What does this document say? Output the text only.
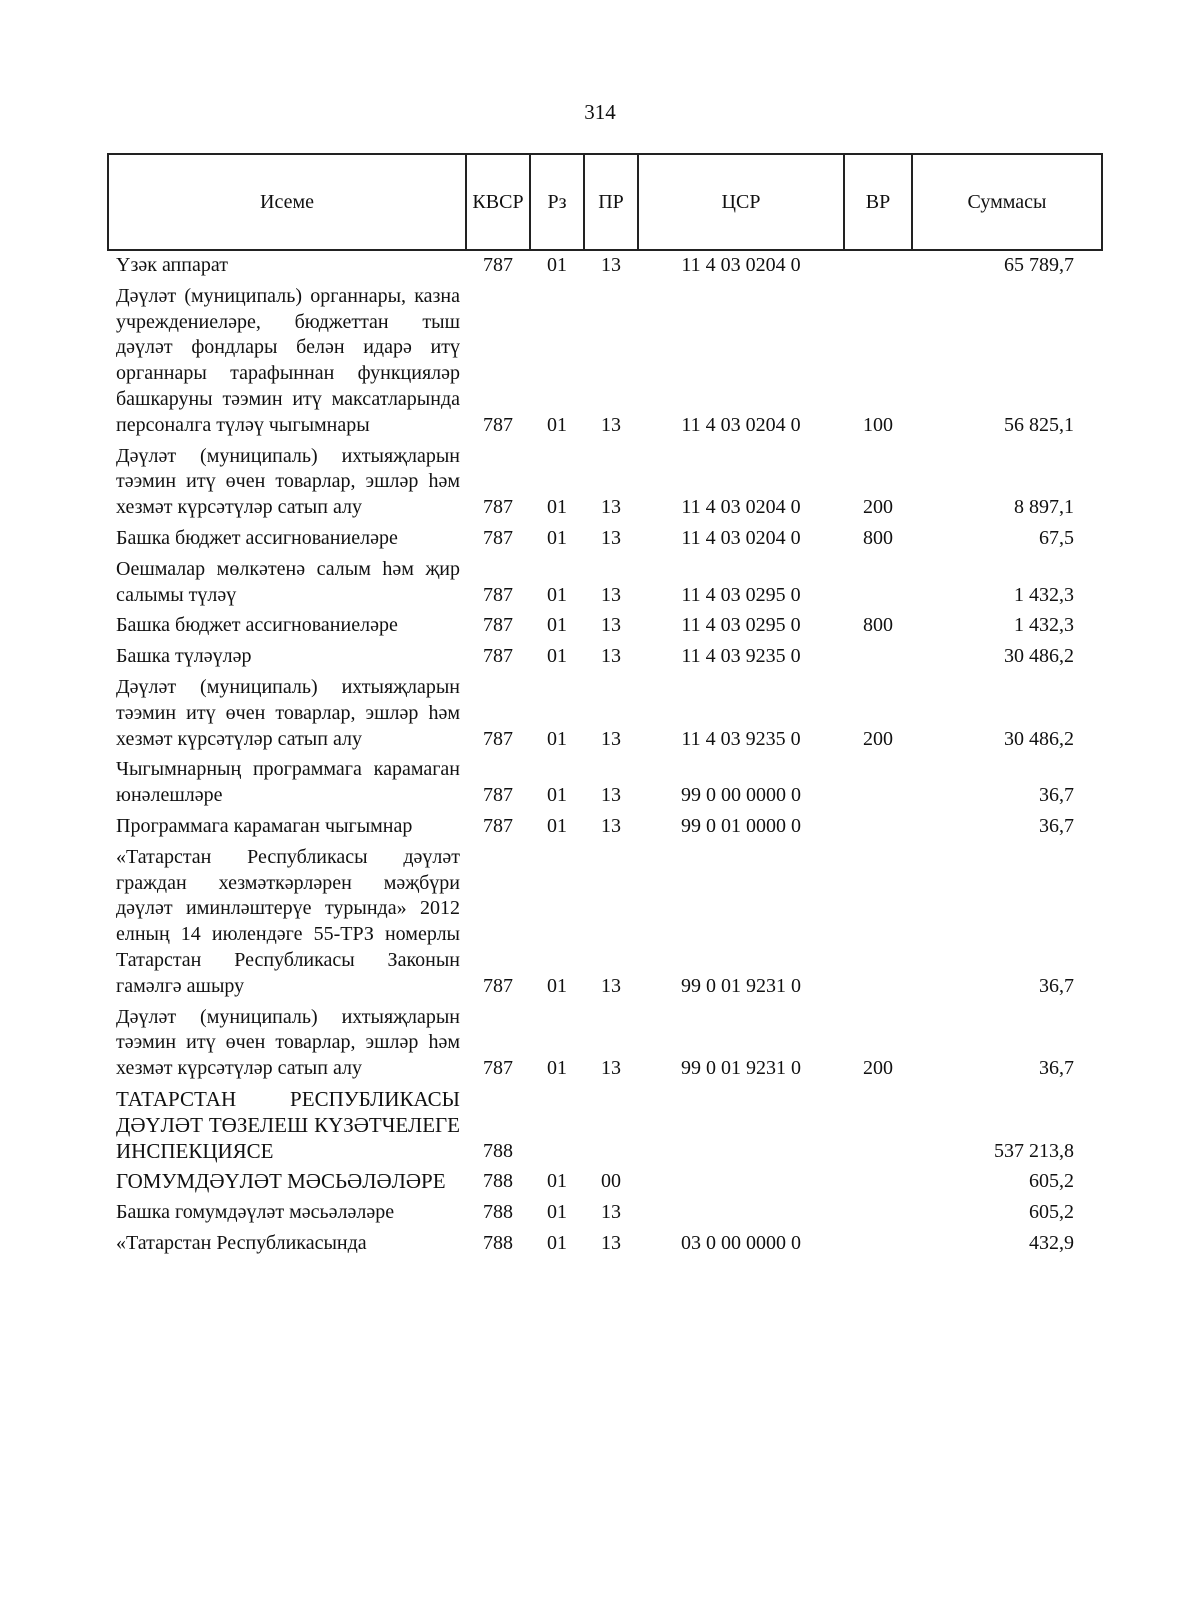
314
Исеме	КВСР	Рз	ПР	ЦСР	ВР	Суммасы
Үзәк аппарат	787	01	13	11 4 03 0204 0		65 789,7
Дәүләт (муниципаль) органнары, казна учреждениеләре, бюджеттан тыш дәүләт фондлары белән идарә итү органнары тарафыннан функцияләр башкаруны тәэмин итү максатларында персоналга түләү чыгымнары	787	01	13	11 4 03 0204 0	100	56 825,1
Дәүләт (муниципаль) ихтыяҗларын тәэмин итү өчен товарлар, эшләр һәм хезмәт күрсәтүләр сатып алу	787	01	13	11 4 03 0204 0	200	8 897,1
Башка бюджет ассигнованиеләре	787	01	13	11 4 03 0204 0	800	67,5
Оешмалар мөлкәтенә салым һәм җир салымы түләү	787	01	13	11 4 03 0295 0		1 432,3
Башка бюджет ассигнованиеләре	787	01	13	11 4 03 0295 0	800	1 432,3
Башка түләүләр	787	01	13	11 4 03 9235 0		30 486,2
Дәүләт (муниципаль) ихтыяҗларын тәэмин итү өчен товарлар, эшләр һәм хезмәт күрсәтүләр сатып алу	787	01	13	11 4 03 9235 0	200	30 486,2
Чыгымнарның программага карамаган юнәлешләре	787	01	13	99 0 00 0000 0		36,7
Программага карамаган чыгымнар	787	01	13	99 0 01 0000 0		36,7
«Татарстан Республикасы дәүләт граждан хезмәткәрләрен мәҗбүри дәүләт иминләштерүе турында» 2012 елның 14 июлендәге 55-ТРЗ номерлы Татарстан Республикасы Законын гамәлгә ашыру	787	01	13	99 0 01 9231 0		36,7
Дәүләт (муниципаль) ихтыяҗларын тәэмин итү өчен товарлар, эшләр һәм хезмәт күрсәтүләр сатып алу	787	01	13	99 0 01 9231 0	200	36,7
ТАТАРСТАН РЕСПУБЛИКАСЫ ДӘҮЛӘТ ТӨЗЕЛЕШ КҮЗӘТЧЕЛЕГЕ ИНСПЕКЦИЯСЕ	788					537 213,8
ГОМУМДӘҮЛӘТ МӘСЬӘЛӘЛӘРЕ	788	01	00			605,2
Башка гомумдәүләт мәсьәләләре	788	01	13			605,2
«Татарстан Республикасында	788	01	13	03 0 00 0000 0		432,9
